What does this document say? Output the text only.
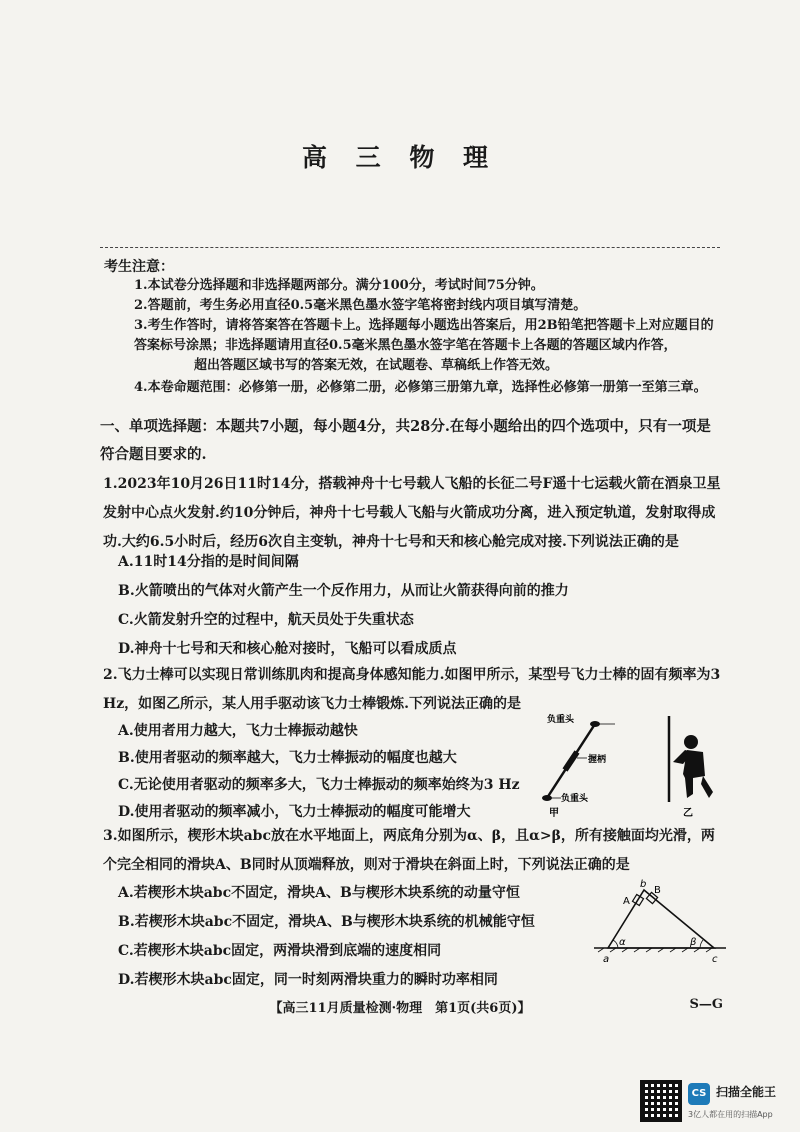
高 三 物 理
考生注意：
1.本试卷分选择题和非选择题两部分。满分100分，考试时间75分钟。
2.答题前，考生务必用直径0.5毫米黑色墨水签字笔将密封线内项目填写清楚。
3.考生作答时，请将答案答在答题卡上。选择题每小题选出答案后，用2B铅笔把答题卡上对应题目的答案标号涂黑；非选择题请用直径0.5毫米黑色墨水签字笔在答题卡上各题的答题区域内作答，
超出答题区域书写的答案无效，在试题卷、草稿纸上作答无效。
4.本卷命题范围：必修第一册，必修第二册，必修第三册第九章，选择性必修第一册第一至第三章。
一、单项选择题：本题共7小题，每小题4分，共28分.在每小题给出的四个选项中，只有一项是符合题目要求的.
1.2023年10月26日11时14分，搭载神舟十七号载人飞船的长征二号F遥十七运载火箭在酒泉卫星发射中心点火发射.约10分钟后，神舟十七号载人飞船与火箭成功分离，进入预定轨道，发射取得成功.大约6.5小时后，经历6次自主变轨，神舟十七号和天和核心舱完成对接.下列说法正确的是
A.11时14分指的是时间间隔
B.火箭喷出的气体对火箭产生一个反作用力，从而让火箭获得向前的推力
C.火箭发射升空的过程中，航天员处于失重状态
D.神舟十七号和天和核心舱对接时，飞船可以看成质点
2.飞力士棒可以实现日常训练肌肉和提高身体感知能力.如图甲所示，某型号飞力士棒的固有频率为3 Hz，如图乙所示，某人用手驱动该飞力士棒锻炼.下列说法正确的是
A.使用者用力越大，飞力士棒振动越快
B.使用者驱动的频率越大，飞力士棒振动的幅度也越大
C.无论使用者驱动的频率多大，飞力士棒振动的频率始终为3 Hz
D.使用者驱动的频率减小，飞力士棒振动的幅度可能增大
负重头
握柄
负重头
甲	乙
3.如图所示，楔形木块abc放在水平地面上，两底角分别为α、β，且α>β，所有接触面均光滑，两个完全相同的滑块A、B同时从顶端释放，则对于滑块在斜面上时，下列说法正确的是
A.若楔形木块abc不固定，滑块A、B与楔形木块系统的动量守恒
B.若楔形木块abc不固定，滑块A、B与楔形木块系统的机械能守恒
C.若楔形木块abc固定，两滑块滑到底端的速度相同
D.若楔形木块abc固定，同一时刻两滑块重力的瞬时功率相同
a
b
c
A
B
α	β
【高三11月质量检测·物理　第1页(共6页)】	S—G
CS 扫描全能王
3亿人都在用的扫描App
